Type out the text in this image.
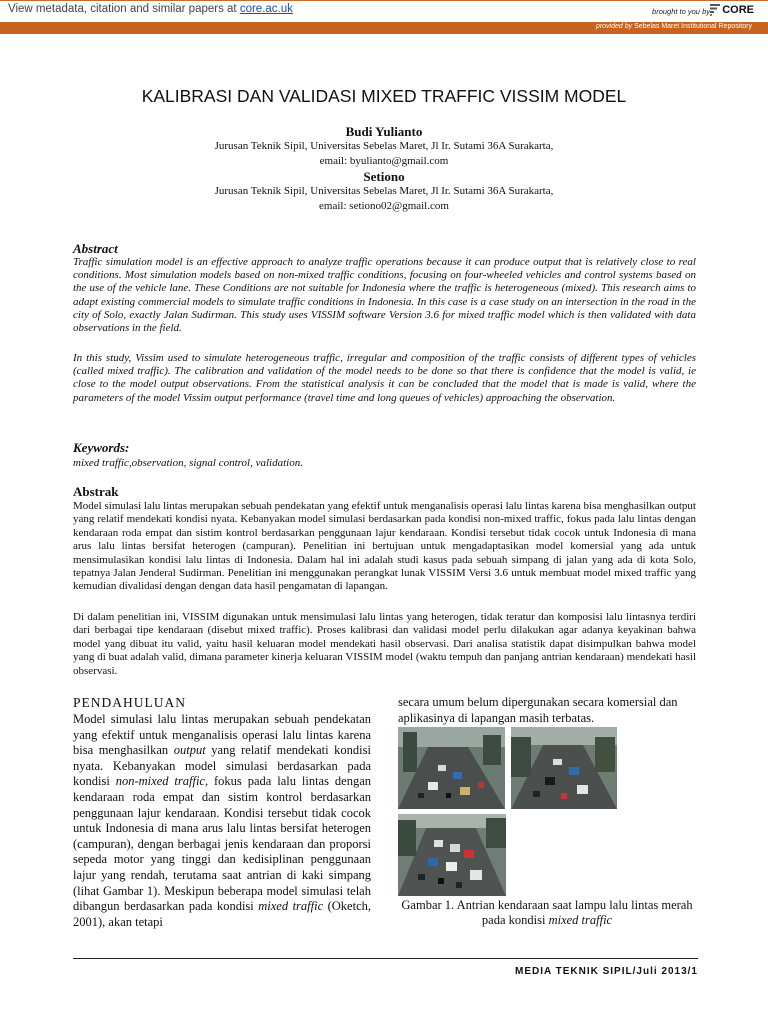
View metadata, citation and similar papers at core.ac.uk	brought to you by	CORE
provided by Sebelas Maret Institutional Repository
KALIBRASI DAN VALIDASI MIXED TRAFFIC VISSIM MODEL
Budi Yulianto
Jurusan Teknik Sipil, Universitas Sebelas Maret, Jl Ir. Sutami 36A Surakarta,
email: byulianto@gmail.com
Setiono
Jurusan Teknik Sipil, Universitas Sebelas Maret, Jl Ir. Sutami 36A Surakarta,
email: setiono02@gmail.com
Abstract

Traffic simulation model is an effective approach to analyze traffic operations because it can produce output that is relatively close to real conditions. Most simulation models based on non-mixed traffic conditions, focusing on four-wheeled vehicles and control systems based on the use of the vehicle lane. These Conditions are not suitable for Indonesia where the traffic is heterogeneous (mixed). This research aims to adapt existing commercial models to simulate traffic conditions in Indonesia. In this case is a case study on an intersection in the road in the city of Solo, exactly Jalan Sudirman. This study uses VISSIM software Version 3.6 for mixed traffic model which is then validated with data observations in the field.

In this study, Vissim used to simulate heterogeneous traffic, irregular and composition of the traffic consists of different types of vehicles (called mixed traffic). The calibration and validation of the model needs to be done so that there is confidence that the model is valid, ie close to the model output observations. From the statistical analysis it can be concluded that the model that is made is valid, where the parameters of the model Vissim output performance (travel time and long queues of vehicles) approaching the observation.

Keywords:
mixed traffic,observation, signal control, validation.
Abstrak

Model simulasi lalu lintas merupakan sebuah pendekatan yang efektif untuk menganalisis operasi lalu lintas karena bisa menghasilkan output yang relatif mendekati kondisi nyata. Kebanyakan model simulasi berdasarkan pada kondisi non-mixed traffic, fokus pada lalu lintas dengan kendaraan roda empat dan sistim kontrol berdasarkan penggunaan lajur kendaraan. Kondisi tersebut tidak cocok untuk Indonesia di mana arus lalu lintas bersifat heterogen (campuran). Penelitian ini bertujuan untuk mengadaptasikan model komersial yang ada untuk mensimulasikan kondisi lalu lintas di Indonesia. Dalam hal ini adalah studi kasus pada sebuah simpang di jalan yang ada di kota Solo, tepatnya Jalan Jenderal Sudirman. Penelitian ini menggunakan perangkat lunak VISSIM Versi 3.6 untuk membuat model mixed traffic yang kemudian divalidasi dengan dengan data hasil pengamatan di lapangan.

Di dalam penelitian ini, VISSIM digunakan untuk mensimulasi lalu lintas yang heterogen, tidak teratur dan komposisi lalu lintasnya terdiri dari berbagai tipe kendaraan (disebut mixed traffic). Proses kalibrasi dan validasi model perlu dilakukan agar adanya keyakinan bahwa model yang dibuat itu valid, yaitu hasil keluaran model mendekati hasil observasi. Dari analisa statistik dapat disimpulkan bahwa model yang di buat adalah valid, dimana parameter kinerja keluaran VISSIM model (waktu tempuh dan panjang antrian kendaraan) mendekati hasil observasi.

PENDAHULUAN

Model simulasi lalu lintas merupakan sebuah pendekatan yang efektif untuk menganalisis operasi lalu lintas karena bisa menghasilkan output yang relatif mendekati kondisi nyata. Kebanyakan model simulasi berdasarkan pada kondisi non-mixed traffic, fokus pada lalu lintas dengan kendaraan roda empat dan sistim kontrol berdasarkan penggunaan lajur kendaraan. Kondisi tersebut tidak cocok untuk Indonesia di mana arus lalu lintas bersifat heterogen (campuran), dengan berbagai jenis kendaraan dan proporsi sepeda motor yang tinggi dan kedisiplinan penggunaan lajur yang rendah, terutama saat antrian di kaki simpang (lihat Gambar 1). Meskipun beberapa model simulasi telah dibangun berdasarkan pada kondisi mixed traffic (Oketch, 2001), akan tetapi

secara umum belum dipergunakan secara komersial dan aplikasinya di lapangan masih terbatas.

Gambar 1. Antrian kendaraan saat lampu lalu lintas merah pada kondisi mixed traffic
MEDIA TEKNIK SIPIL/Juli 2013/1
